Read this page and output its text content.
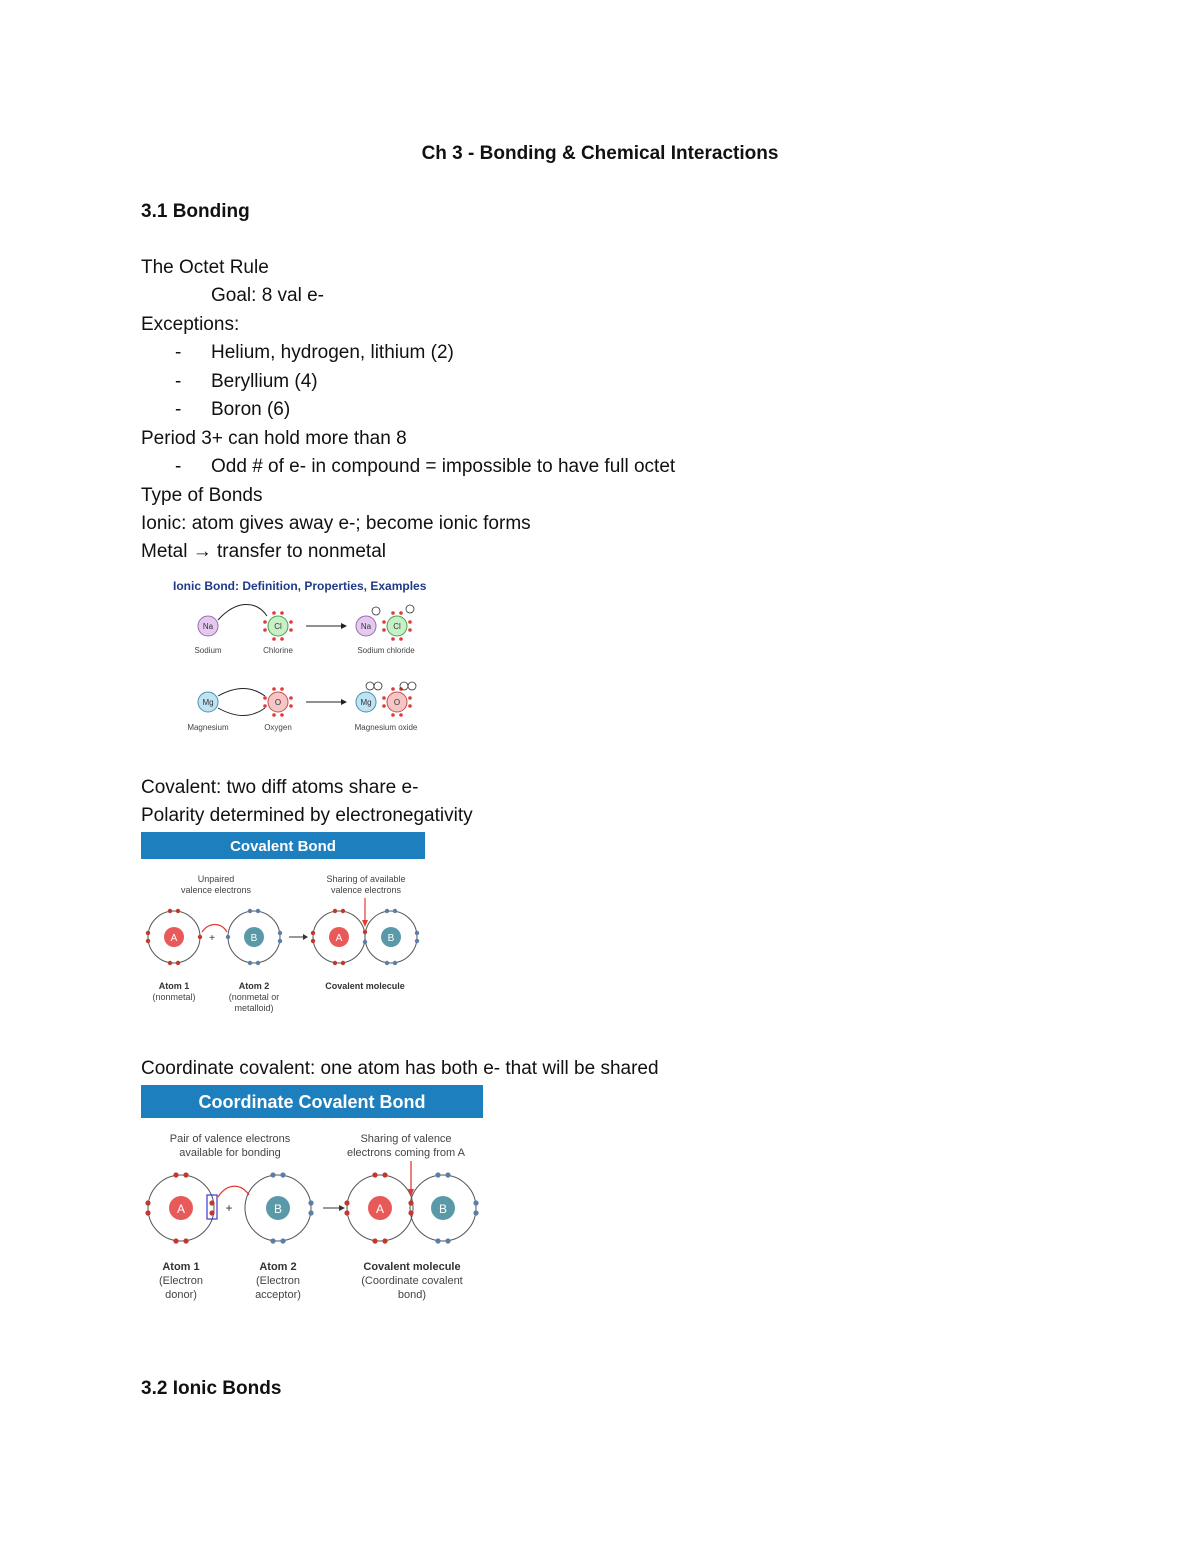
Ch 3 - Bonding & Chemical Interactions
3.1 Bonding
The Octet Rule
Goal: 8 val e-
Exceptions:
- Helium, hydrogen, lithium (2)
- Beryllium (4)
- Boron (6)
Period 3+ can hold more than 8
- Odd # of e- in compound = impossible to have full octet
Type of Bonds
Ionic: atom gives away e-; become ionic forms
Metal → transfer to nonmetal
Ionic Bond: Definition, Properties, Examples
Na	Cl	Na	Cl
Sodium	Chlorine	Sodium chloride
Mg	O	Mg	O
Magnesium	Oxygen	Magnesium oxide
Covalent: two diff atoms share e-
Polarity determined by electronegativity
Covalent Bond
Unpaired
valence electrons
Sharing of available
valence electrons
A	+	B	A	B
Atom 1
(nonmetal)
Atom 2
(nonmetal or
metalloid)
Covalent molecule
Coordinate covalent: one atom has both e- that will be shared
Coordinate Covalent Bond
Pair of valence electrons
available for bonding
Sharing of valence
electrons coming from A
A	+	B	A	B
Atom 1
(Electron
donor)
Atom 2
(Electron
acceptor)
Covalent molecule
(Coordinate covalent
bond)
3.2 Ionic Bonds
